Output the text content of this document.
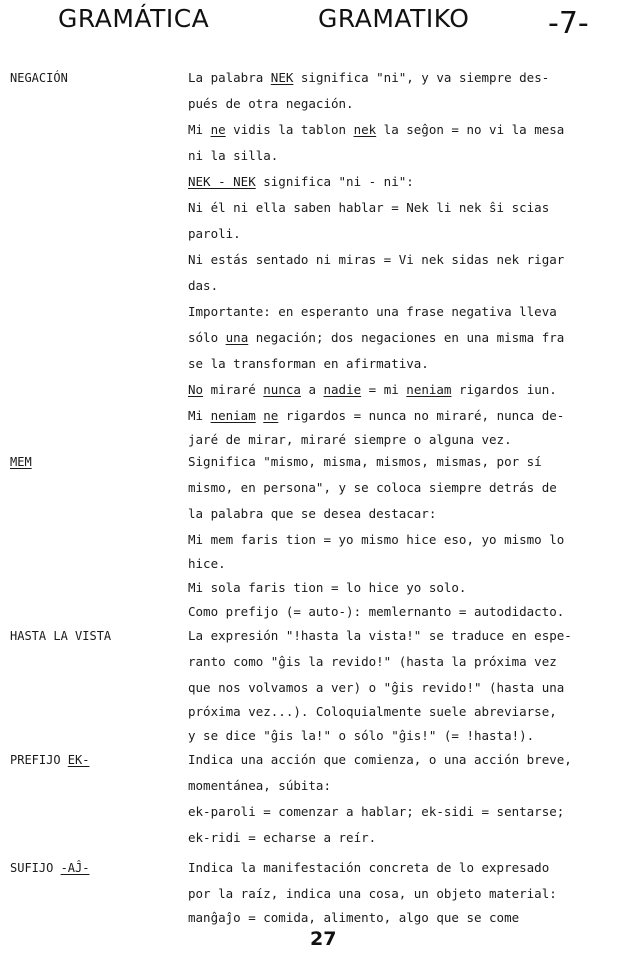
GRAMÁTICA	GRAMATIKO	-7-
NEGACIÓN
MEM
HASTA LA VISTA
PREFIJO EK-
SUFIJO -AĴ-
La palabra NEK significa "ni", y va siempre des-
pués de otra negación.
Mi ne vidis la tablon nek la seĝon = no vi la mesa
ni la silla.
NEK - NEK significa "ni - ni":
Ni él ni ella saben hablar = Nek li nek ŝi scias
paroli.
Ni estás sentado ni miras = Vi nek sidas nek rigar
das.
Importante: en esperanto una frase negativa lleva
sólo una negación; dos negaciones en una misma fra
se la transforman en afirmativa.
No miraré nunca a nadie = mi neniam rigardos iun.
Mi neniam ne rigardos = nunca no miraré, nunca de-
jaré de mirar, miraré siempre o alguna vez.
Significa "mismo, misma, mismos, mismas, por sí
mismo, en persona", y se coloca siempre detrás de
la palabra que se desea destacar:
Mi mem faris tion = yo mismo hice eso, yo mismo lo
hice.
Mi sola faris tion = lo hice yo solo.
Como prefijo (= auto-): memlernanto = autodidacto.
La expresión "!hasta la vista!" se traduce en espe-
ranto como "ĝis la revido!" (hasta la próxima vez
que nos volvamos a ver) o "ĝis revido!" (hasta una
próxima vez...). Coloquialmente suele abreviarse,
y se dice "ĝis la!" o sólo "ĝis!" (= !hasta!).
Indica una acción que comienza, o una acción breve,
momentánea, súbita:
ek-paroli = comenzar a hablar; ek-sidi = sentarse;
ek-ridi = echarse a reír.
Indica la manifestación concreta de lo expresado
por la raíz, indica una cosa, un objeto material:
manĝaĵo = comida, alimento, algo que se come
27
